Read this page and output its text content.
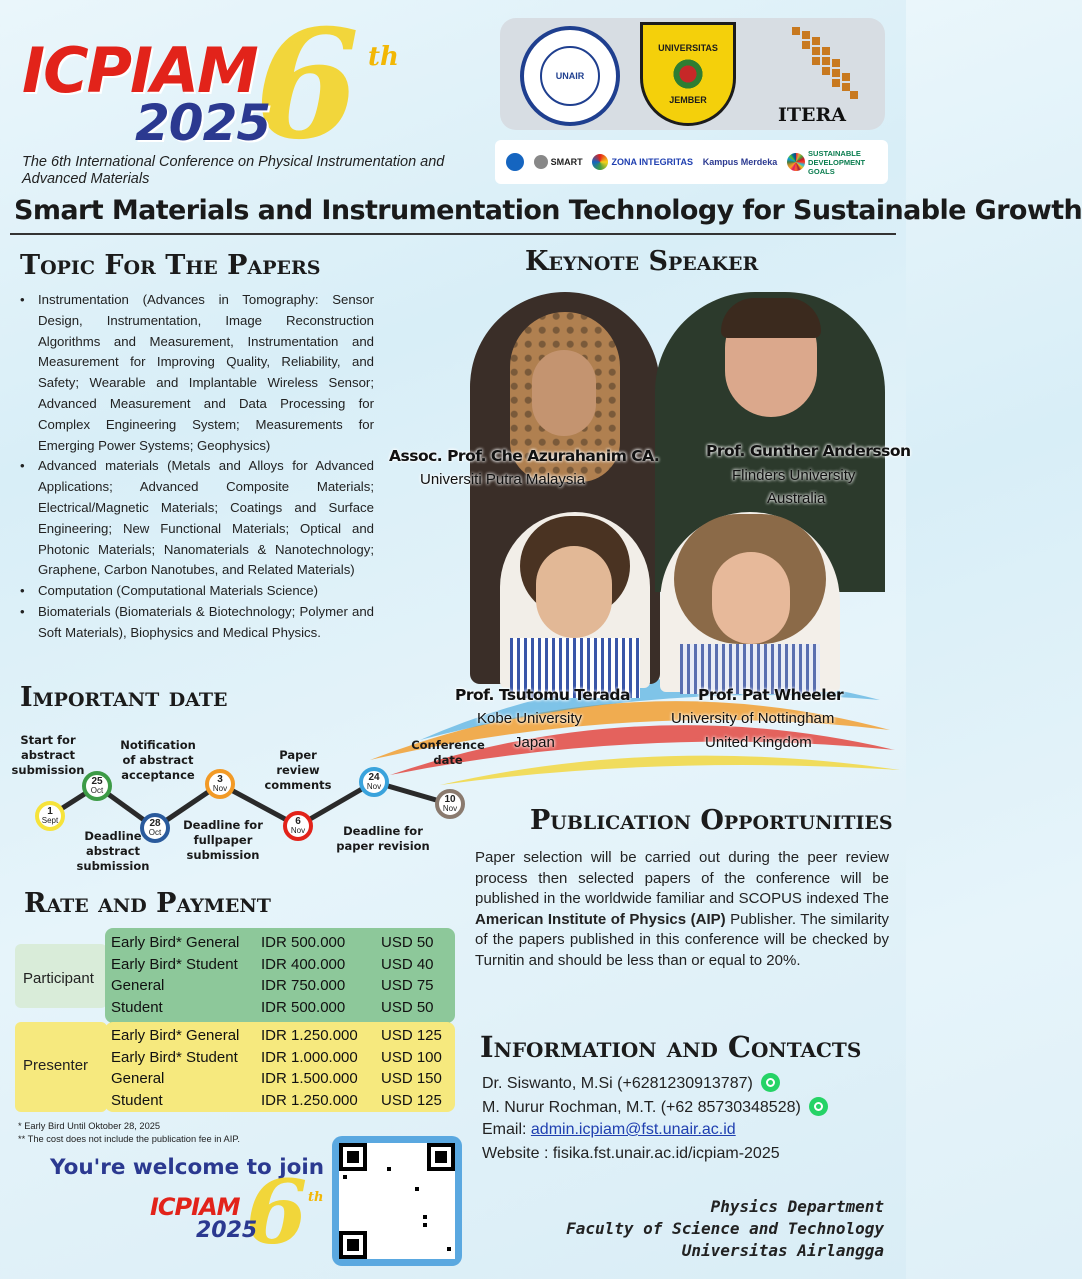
6 th
ICPIAM
2025
The 6th International Conference on Physical Instrumentation and Advanced Materials
UNAIR
UNIVERSITAS
JEMBER
ITERA
SMART	ZONA INTEGRITAS Kampus Merdeka
SUSTAINABLE DEVELOPMENT GOALS
Smart Materials and Instrumentation Technology for Sustainable Growth
Topic For The Papers
• Instrumentation (Advances in Tomography: Sensor Design, Instrumentation, Image Reconstruction Algorithms and Measurement, Instrumentation and Measurement for Improving Quality, Reliability, and Safety; Wearable and Implantable Wireless Sensor; Advanced Measurement and Data Processing for Complex Engineering System; Measurements for Emerging Power Systems; Geophysics)
• Advanced materials (Metals and Alloys for Advanced Applications; Advanced Composite Materials; Electrical/Magnetic Materials; Coatings and Surface Engineering; New Functional Materials; Optical and Photonic Materials; Nanomaterials & Nanotechnology; Graphene, Carbon Nanotubes, and Related Materials)
• Computation (Computational Materials Science)
• Biomaterials (Biomaterials & Biotechnology; Polymer and Soft Materials), Biophysics and Medical Physics.
Keynote Speaker
Assoc. Prof. Che Azurahanim CA.
Universiti Putra Malaysia
Prof. Gunther Andersson
Flinders University
Australia
Prof. Tsutomu Terada
Kobe University
Japan
Prof. Pat Wheeler
University of Nottingham
United Kingdom
Important date
1
Sept
25
Oct
28
Oct
3
Nov
6
Nov
24
Nov
10
Nov
Start for abstract submission
Deadline abstract submission
Notification of abstract acceptance
Deadline for fullpaper submission
Paper review comments
Deadline for paper revision
Conference date
Rate and Payment
Participant
Presenter
Early Bird* General IDR 500.000 USD 50
Early Bird* Student IDR 400.000 USD 40
General	IDR 750.000 USD 75
Student	IDR 500.000 USD 50
Early Bird* General IDR 1.250.000 USD 125
Early Bird* Student IDR 1.000.000 USD 100
General	IDR 1.500.000 USD 150
Student	IDR 1.250.000 USD 125
* Early Bird Until Oktober 28, 2025
** The cost does not include the publication fee in AIP.
You're welcome to join
6 th
ICPIAM
2025
Publication Opportunities
Paper selection will be carried out during the peer review process then selected papers of the conference will be published in the worldwide familiar and SCOPUS indexed The American Institute of Physics (AIP) Publisher. The similarity of the papers published in this conference will be checked by Turnitin and should be less than or equal to 20%.
Information and Contacts
Dr. Siswanto, M.Si (+6281230913787)
M. Nurur Rochman, M.T. (+62 85730348528)
Email: admin.icpiam@fst.unair.ac.id
Website : fisika.fst.unair.ac.id/icpiam-2025
Physics Department
Faculty of Science and Technology
Universitas Airlangga
